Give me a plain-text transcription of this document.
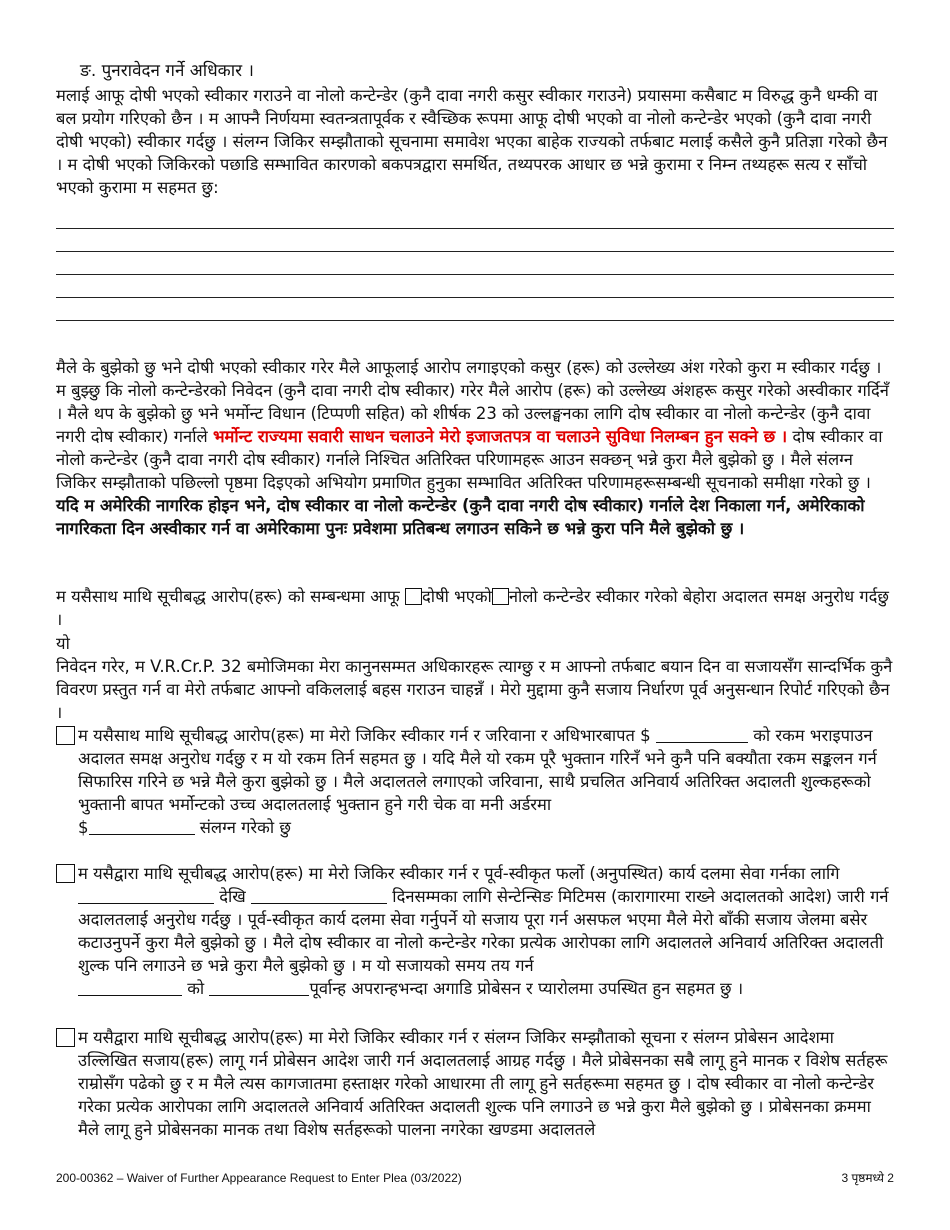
ङ. पुनरावेदन गर्ने अधिकार ।

मलाई आफू दोषी भएको स्वीकार गराउने वा नोलो कन्टेन्डेर (कुनै दावा नगरी कसुर स्वीकार गराउने) प्रयासमा कसैबाट म विरुद्ध कुनै धम्की वा बल प्रयोग गरिएको छैन । म आफ्नै निर्णयमा स्वतन्त्रतापूर्वक र स्वैच्छिक रूपमा आफू दोषी भएको वा नोलो कन्टेन्डेर भएको (कुनै दावा नगरी दोषी भएको) स्वीकार गर्दछु । संलग्न जिकिर सम्झौताको सूचनामा समावेश भएका बाहेक राज्यको तर्फबाट मलाई कसैले कुनै प्रतिज्ञा गरेको छैन । म दोषी भएको जिकिरको पछाडि सम्भावित कारणको बकपत्रद्वारा समर्थित, तथ्यपरक आधार छ भन्ने कुरामा र निम्न तथ्यहरू सत्य र साँचो भएको कुरामा म सहमत छु:

मैले के बुझेको छु भने दोषी भएको स्वीकार गरेर मैले आफूलाई आरोप लगाइएको कसुर (हरू) को उल्लेख्य अंश गरेको कुरा म स्वीकार गर्दछु । म बुझ्छु कि नोलो कन्टेन्डेरको निवेदन (कुनै दावा नगरी दोष स्वीकार) गरेर मैले आरोप (हरू) को उल्लेख्य अंशहरू कसुर गरेको अस्वीकार गर्दिनँ । मैले थप के बुझेको छु भने भर्मोन्ट विधान (टिप्पणी सहित) को शीर्षक 23 को उल्लङ्घनका लागि दोष स्वीकार वा नोलो कन्टेन्डेर (कुनै दावा नगरी दोष स्वीकार) गर्नाले भर्मोन्ट राज्यमा सवारी साधन चलाउने मेरो इजाजतपत्र वा चलाउने सुविधा निलम्बन हुन सक्ने छ । दोष स्वीकार वा नोलो कन्टेन्डेर (कुनै दावा नगरी दोष स्वीकार) गर्नाले निश्चित अतिरिक्त परिणामहरू आउन सक्छन् भन्ने कुरा मैले बुझेको छु । मैले संलग्न जिकिर सम्झौताको पछिल्लो पृष्ठमा दिइएको अभियोग प्रमाणित हुनुका सम्भावित अतिरिक्त परिणामहरूसम्बन्धी सूचनाको समीक्षा गरेको छु । यदि म अमेरिकी नागरिक होइन भने, दोष स्वीकार वा नोलो कन्टेन्डेर (कुनै दावा नगरी दोष स्वीकार) गर्नाले देश निकाला गर्न, अमेरिकाको नागरिकता दिन अस्वीकार गर्न वा अमेरिकामा पुनः प्रवेशमा प्रतिबन्ध लगाउन सकिने छ भन्ने कुरा पनि मैले बुझेको छु ।

म यसैसाथ माथि सूचीबद्ध आरोप(हरू) को सम्बन्धमा आफू दोषी भएको नोलो कन्टेन्डेर स्वीकार गरेको बेहोरा अदालत समक्ष अनुरोध गर्दछु ।

यो

निवेदन गरेर, म V.R.Cr.P. 32 बमोजिमका मेरा कानुनसम्मत अधिकारहरू त्याग्छु र म आफ्नो तर्फबाट बयान दिन वा सजायसँग सान्दर्भिक कुनै विवरण प्रस्तुत गर्न वा मेरो तर्फबाट आफ्नो वकिललाई बहस गराउन चाहन्नँ । मेरो मुद्दामा कुनै सजाय निर्धारण पूर्व अनुसन्धान रिपोर्ट गरिएको छैन ।

म यसैसाथ माथि सूचीबद्ध आरोप(हरू) मा मेरो जिकिर स्वीकार गर्न र जरिवाना र अधिभारबापत $	को रकम भराइपाउन अदालत समक्ष अनुरोध गर्दछु र म यो रकम तिर्न सहमत छु । यदि मैले यो रकम पूरै भुक्तान गरिनँ भने कुनै पनि बक्यौता रकम सङ्कलन गर्न सिफारिस गरिने छ भन्ने मैले कुरा बुझेको छु । मैले अदालतले लगाएको जरिवाना, साथै प्रचलित अनिवार्य अतिरिक्त अदालती शुल्कहरूको भुक्तानी बापत भर्मोन्टको उच्च अदालतलाई भुक्तान हुने गरी चेक वा मनी अर्डरमा
$	संलग्न गरेको छु
म यसैद्वारा माथि सूचीबद्ध आरोप(हरू) मा मेरो जिकिर स्वीकार गर्न र पूर्व-स्वीकृत फर्लो (अनुपस्थित) कार्य दलमा सेवा गर्नका लागि  देखि	दिनसम्मका लागि सेन्टेन्सिङ मिटिमस (कारागारमा राख्ने अदालतको आदेश) जारी गर्न अदालतलाई अनुरोध गर्दछु । पूर्व-स्वीकृत कार्य दलमा सेवा गर्नुपर्ने यो सजाय पूरा गर्न असफल भएमा मैले मेरो बाँकी सजाय जेलमा बसेर कटाउनुपर्ने कुरा मैले बुझेको छु । मैले दोष स्वीकार वा नोलो कन्टेन्डेर गरेका प्रत्येक आरोपका लागि अदालतले अनिवार्य अतिरिक्त अदालती शुल्क पनि लगाउने छ भन्ने कुरा मैले बुझेको छु । म यो सजायको समय तय गर्न
को	पूर्वान्ह अपरान्हभन्दा अगाडि प्रोबेसन र प्यारोलमा उपस्थित हुन सहमत छु ।
म यसैद्वारा माथि सूचीबद्ध आरोप(हरू) मा मेरो जिकिर स्वीकार गर्न र संलग्न जिकिर सम्झौताको सूचना र संलग्न प्रोबेसन आदेशमा उल्लिखित सजाय(हरू) लागू गर्न प्रोबेसन आदेश जारी गर्न अदालतलाई आग्रह गर्दछु । मैले प्रोबेसनका सबै लागू हुने मानक र विशेष सर्तहरू राम्रोसँग पढेको छु र म मैले त्यस कागजातमा हस्ताक्षर गरेको आधारमा ती लागू हुने सर्तहरूमा सहमत छु । दोष स्वीकार वा नोलो कन्टेन्डेर गरेका प्रत्येक आरोपका लागि अदालतले अनिवार्य अतिरिक्त अदालती शुल्क पनि लगाउने छ भन्ने कुरा मैले बुझेको छु । प्रोबेसनका क्रममा मैले लागू हुने प्रोबेसनका मानक तथा विशेष सर्तहरूको पालना नगरेका खण्डमा अदालतले
200-00362 – Waiver of Further Appearance Request to Enter Plea (03/2022)	3 पृष्ठमध्ये 2
